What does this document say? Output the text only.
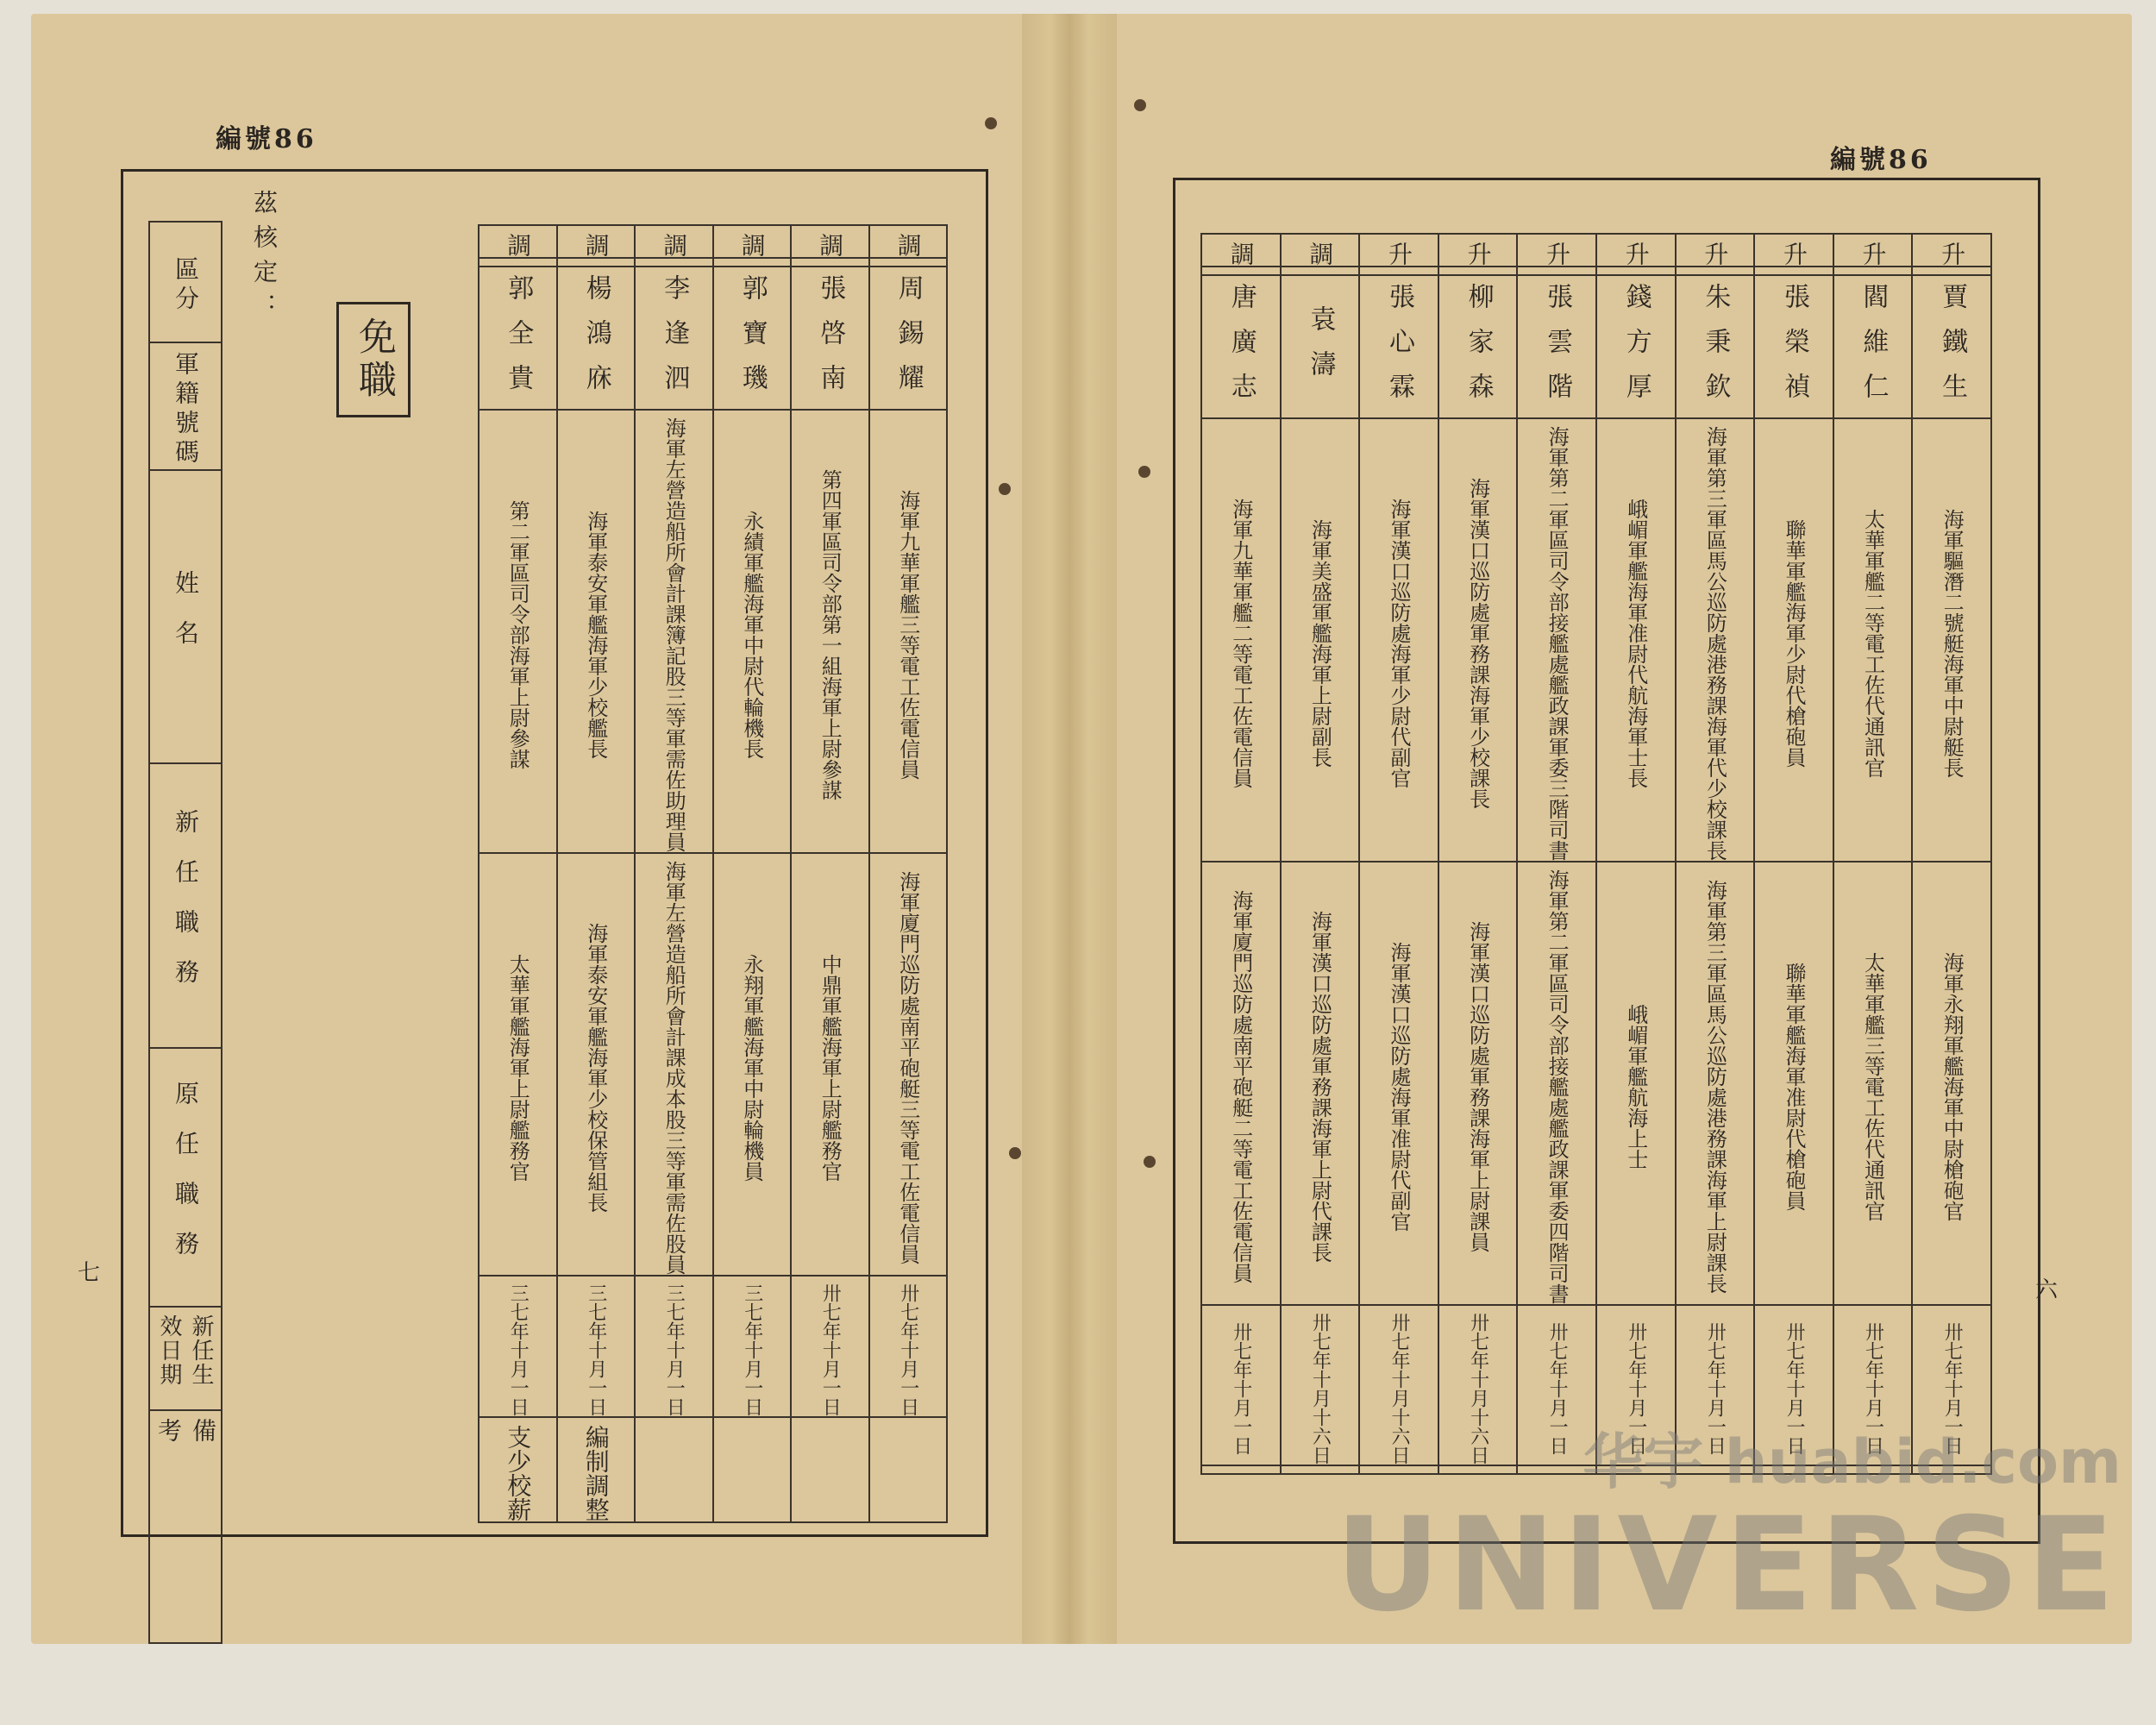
編號86
茲核定：
免職
七
區分

軍籍號碼

姓名

新任職務

原任職務

新任生效日期

備考
調	調	調	調	調	調

郭全貴	楊鴻庥	李逢泗	郭寶璣	張啓南	周錫耀

第二軍區司令部海軍上尉參謀	海軍泰安軍艦海軍少校艦長	海軍左營造船所會計課簿記股三等軍需佐助理員	永績軍艦海軍中尉代輪機長	第四軍區司令部第一組海軍上尉參謀	海軍九華軍艦三等電工佐電信員

太華軍艦海軍上尉艦務官	海軍泰安軍艦海軍少校保管組長	海軍左營造船所會計課成本股三等軍需佐股員	永翔軍艦海軍中尉輪機員	中鼎軍艦海軍上尉艦務官	海軍廈門巡防處南平砲艇三等電工佐電信員

三七年十月一日	三七年十月一日	三七年十月一日	三七年十月一日	卅七年十月一日	卅七年十月一日

支少校薪	編制調整				

編號86
六
調	調	升	升	升	升	升	升	升	升

唐廣志	袁濤	張心霖	柳家森	張雲階	錢方厚	朱秉欽	張榮禎	閻維仁	賈鐵生

海軍九華軍艦二等電工佐電信員	海軍美盛軍艦海軍上尉副長	海軍漢口巡防處海軍少尉代副官	海軍漢口巡防處軍務課海軍少校課長	海軍第二軍區司令部接艦處艦政課軍委三階司書	峨嵋軍艦海軍准尉代航海軍士長	海軍第三軍區馬公巡防處港務課海軍代少校課長	聯華軍艦海軍少尉代槍砲員	太華軍艦二等電工佐代通訊官	海軍驅潛二號艇海軍中尉艇長

海軍廈門巡防處南平砲艇二等電工佐電信員	海軍漢口巡防處軍務課海軍上尉代課長	海軍漢口巡防處海軍准尉代副官	海軍漢口巡防處軍務課海軍上尉課員	海軍第二軍區司令部接艦處艦政課軍委四階司書	峨嵋軍艦航海上士	海軍第三軍區馬公巡防處港務課海軍上尉課長	聯華軍艦海軍准尉代槍砲員	太華軍艦三等電工佐代通訊官	海軍永翔軍艦海軍中尉槍砲官

卅七年十月一日	卅七年十月十六日	卅七年十月十六日	卅七年十月十六日	卅七年十月一日	卅七年十月一日	卅七年十月一日	卅七年十月一日	卅七年十月一日	卅七年十月一日

华宇 huabid.com
UNIVERSE
